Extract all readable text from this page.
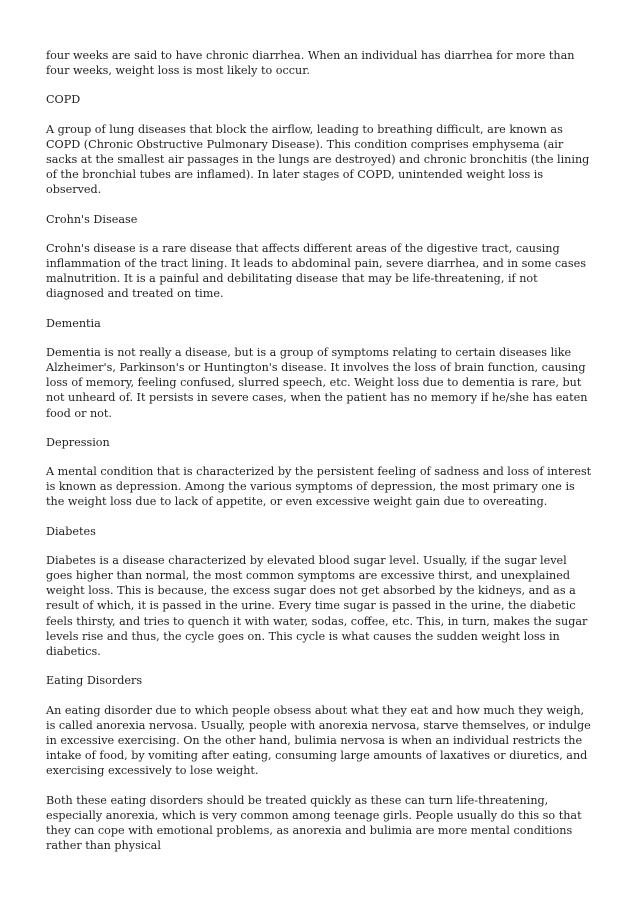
four weeks are said to have chronic diarrhea. When an individual has diarrhea for more than four weeks, weight loss is most likely to occur.

COPD

A group of lung diseases that block the airflow, leading to breathing difficult, are known as COPD (Chronic Obstructive Pulmonary Disease). This condition comprises emphysema (air sacks at the smallest air passages in the lungs are destroyed) and chronic bronchitis (the lining of the bronchial tubes are inflamed). In later stages of COPD, unintended weight loss is observed.

Crohn's Disease

Crohn's disease is a rare disease that affects different areas of the digestive tract, causing inflammation of the tract lining. It leads to abdominal pain, severe diarrhea, and in some cases malnutrition. It is a painful and debilitating disease that may be life-threatening, if not diagnosed and treated on time.

Dementia

Dementia is not really a disease, but is a group of symptoms relating to certain diseases like Alzheimer's, Parkinson's or Huntington's disease. It involves the loss of brain function, causing loss of memory, feeling confused, slurred speech, etc. Weight loss due to dementia is rare, but not unheard of. It persists in severe cases, when the patient has no memory if he/she has eaten food or not.

Depression

A mental condition that is characterized by the persistent feeling of sadness and loss of interest is known as depression. Among the various symptoms of depression, the most primary one is the weight loss due to lack of appetite, or even excessive weight gain due to overeating.

Diabetes

Diabetes is a disease characterized by elevated blood sugar level. Usually, if the sugar level goes higher than normal, the most common symptoms are excessive thirst, and unexplained weight loss. This is because, the excess sugar does not get absorbed by the kidneys, and as a result of which, it is passed in the urine. Every time sugar is passed in the urine, the diabetic feels thirsty, and tries to quench it with water, sodas, coffee, etc. This, in turn, makes the sugar levels rise and thus, the cycle goes on. This cycle is what causes the sudden weight loss in diabetics.

Eating Disorders

An eating disorder due to which people obsess about what they eat and how much they weigh, is called anorexia nervosa. Usually, people with anorexia nervosa, starve themselves, or indulge in excessive exercising. On the other hand, bulimia nervosa is when an individual restricts the intake of food, by vomiting after eating, consuming large amounts of laxatives or diuretics, and exercising excessively to lose weight.

Both these eating disorders should be treated quickly as these can turn life-threatening, especially anorexia, which is very common among teenage girls. People usually do this so that they can cope with emotional problems, as anorexia and bulimia are more mental conditions rather than physical
